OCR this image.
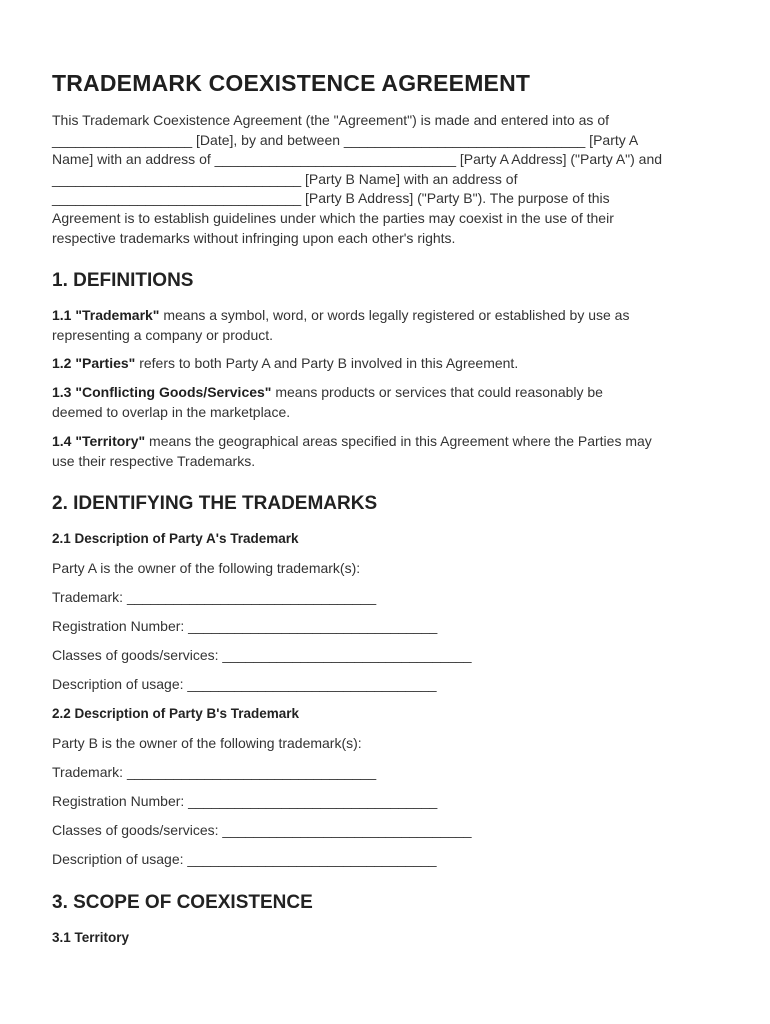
TRADEMARK COEXISTENCE AGREEMENT

This Trademark Coexistence Agreement (the "Agreement") is made and entered into as of
__________________ [Date], by and between _______________________________ [Party A
Name] with an address of _______________________________ [Party A Address] ("Party A") and
________________________________ [Party B Name] with an address of
________________________________ [Party B Address] ("Party B"). The purpose of this
Agreement is to establish guidelines under which the parties may coexist in the use of their
respective trademarks without infringing upon each other's rights.

1. DEFINITIONS

1.1 "Trademark" means a symbol, word, or words legally registered or established by use as
representing a company or product.

1.2 "Parties" refers to both Party A and Party B involved in this Agreement.

1.3 "Conflicting Goods/Services" means products or services that could reasonably be
deemed to overlap in the marketplace.

1.4 "Territory" means the geographical areas specified in this Agreement where the Parties may
use their respective Trademarks.

2. IDENTIFYING THE TRADEMARKS
2.1 Description of Party A's Trademark

Party A is the owner of the following trademark(s):

Trademark: ________________________________

Registration Number: ________________________________

Classes of goods/services: ________________________________

Description of usage: ________________________________

2.2 Description of Party B's Trademark

Party B is the owner of the following trademark(s):

Trademark: ________________________________

Registration Number: ________________________________

Classes of goods/services: ________________________________

Description of usage: ________________________________

3. SCOPE OF COEXISTENCE
3.1 Territory
